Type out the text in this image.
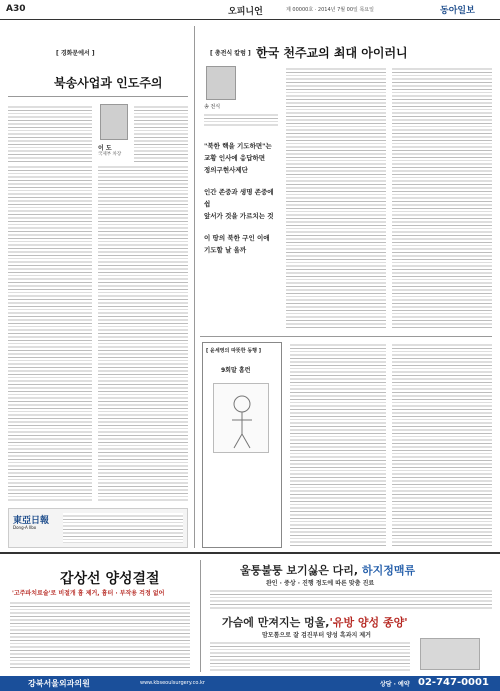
A30	오피니언	제 00000호 · 2014년 7월 00일 목요일	동아일보
[ 경화문에서 ]
북송사업과 인도주의
이 도
국제부 차장
東亞日報
Dong-A Ilbo
[ 총전식 칼럼 ] 한국 천주교의 최대 아이러니
송 전식
"북한 핵을 기도하면"는
교황 인사에 응답하면
정의구현사제단
인간 존중과 생명 존중에 쉽
앞서가 것을 가르치는 것
이 땅의 북한 구인 이애
기도할 날 올까
[ 윤세영의 따뜻한 동행 ]
9회말 홈런
갑상선 양성결절
'고주파치료술'로 비절개 흉 제거, 흉터 · 부작용 걱정 없어
울퉁불퉁 보기싫은 다리, 하지정맥류
완인 · 중상 · 진행 정도에 따른 맞춤 진료
가슴에 만져지는 멍울,'유방 양성 종양'
맘모톰으로 잘 검진부터 양성 흑과지 제거
강북서울외과의원	www.kbseoulsurgery.co.kr	상담 · 예약 02-747-0001
